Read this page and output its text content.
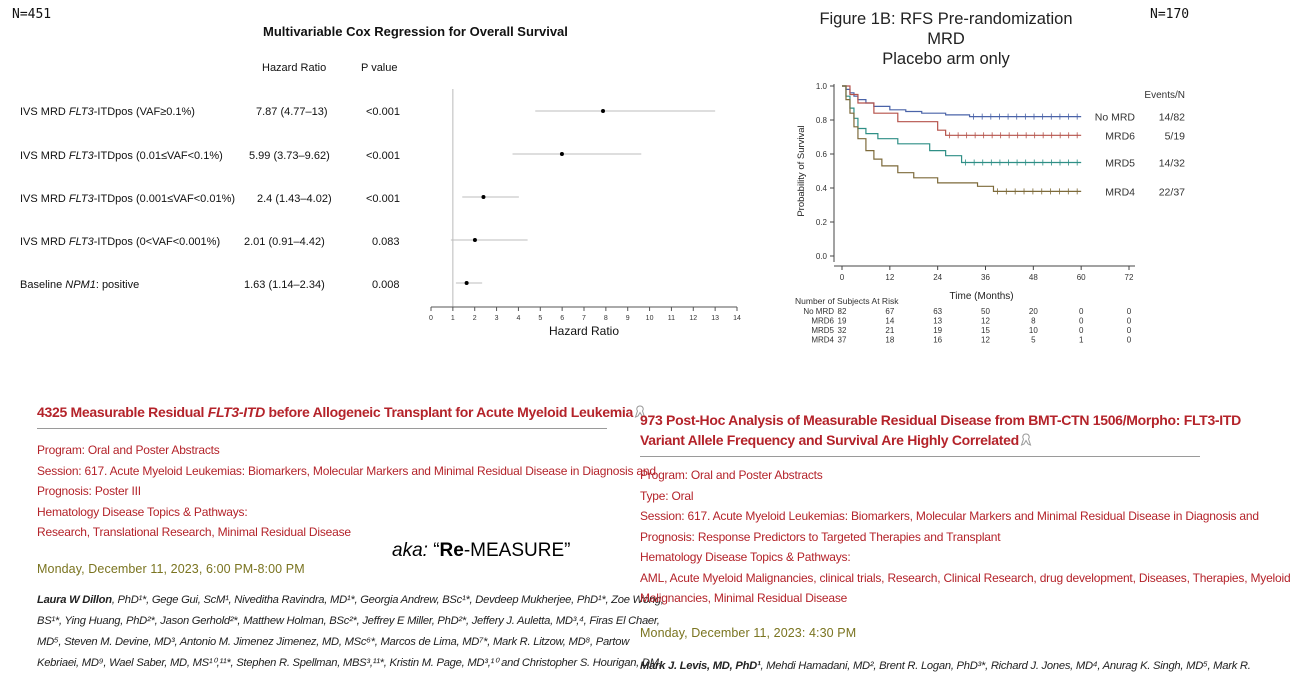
N=451
Multivariable Cox Regression for Overall Survival
Hazard Ratio	P value
IVS MRD FLT3-ITDpos (VAF≥0.1%)	7.87 (4.77–13)	<0.001
IVS MRD FLT3-ITDpos (0.01≤VAF<0.1%) 5.99 (3.73–9.62)	<0.001
IVS MRD FLT3-ITDpos (0.001≤VAF<0.01%) 2.4 (1.43–4.02)	<0.001
IVS MRD FLT3-ITDpos (0<VAF<0.001%) 2.01 (0.91–4.42)	0.083
Baseline NPM1: positive	1.63 (1.14–2.34)	0.008
0	1	2	3	4	5	6	7	8	9 10 11 12 13 14
Hazard Ratio
Figure 1B: RFS Pre-randomization MRD
Placebo arm only
N=170
0.0
0.2
0.4
0.6
0.8
1.0
0	12	24	36	48	60	72
Time (Months)
Probability of Survival
Events/N
No MRD 14/82
MRD6	5/19
MRD5 14/32
MRD4 22/37
Number of Subjects At Risk
No MRD 82	67	63	50	20	0	0
MRD6 19	14	13	12	8	0	0
MRD5 32	21	19	15	10	0	0
MRD4 37	18	16	12	5	1	0
4325 Measurable Residual FLT3-ITD before Allogeneic Transplant for Acute Myeloid Leukemia
Program: Oral and Poster Abstracts
Session: 617. Acute Myeloid Leukemias: Biomarkers, Molecular Markers and Minimal Residual Disease in Diagnosis and
Prognosis: Poster III
Hematology Disease Topics & Pathways:
Research, Translational Research, Minimal Residual Disease
Monday, December 11, 2023, 6:00 PM-8:00 PM
Laura W Dillon, PhD¹*, Gege Gui, ScM¹, Niveditha Ravindra, MD¹*, Georgia Andrew, BSc¹*, Devdeep Mukherjee, PhD¹*, Zoe Wong,
BS¹*, Ying Huang, PhD²*, Jason Gerhold²*, Matthew Holman, BSc²*, Jeffrey E Miller, PhD²*, Jeffery J. Auletta, MD³,⁴, Firas El Chaer,
MD⁵, Steven M. Devine, MD³, Antonio M. Jimenez Jimenez, MD, MSc⁶*, Marcos de Lima, MD⁷*, Mark R. Litzow, MD⁸, Partow
Kebriaei, MD⁹, Wael Saber, MD, MS¹⁰,¹¹*, Stephen R. Spellman, MBS³,¹¹*, Kristin M. Page, MD³,¹⁰ and Christopher S. Hourigan, DM,
aka: “Re-MEASURE”
973 Post-Hoc Analysis of Measurable Residual Disease from BMT-CTN 1506/Morpho: FLT3-ITD
Variant Allele Frequency and Survival Are Highly Correlated
Program: Oral and Poster Abstracts
Type: Oral
Session: 617. Acute Myeloid Leukemias: Biomarkers, Molecular Markers and Minimal Residual Disease in Diagnosis and
Prognosis: Response Predictors to Targeted Therapies and Transplant
Hematology Disease Topics & Pathways:
AML, Acute Myeloid Malignancies, clinical trials, Research, Clinical Research, drug development, Diseases, Therapies, Myeloid
Malignancies, Minimal Residual Disease
Monday, December 11, 2023: 4:30 PM
Mark J. Levis, MD, PhD¹, Mehdi Hamadani, MD², Brent R. Logan, PhD³*, Richard J. Jones, MD⁴, Anurag K. Singh, MD⁵, Mark R.
